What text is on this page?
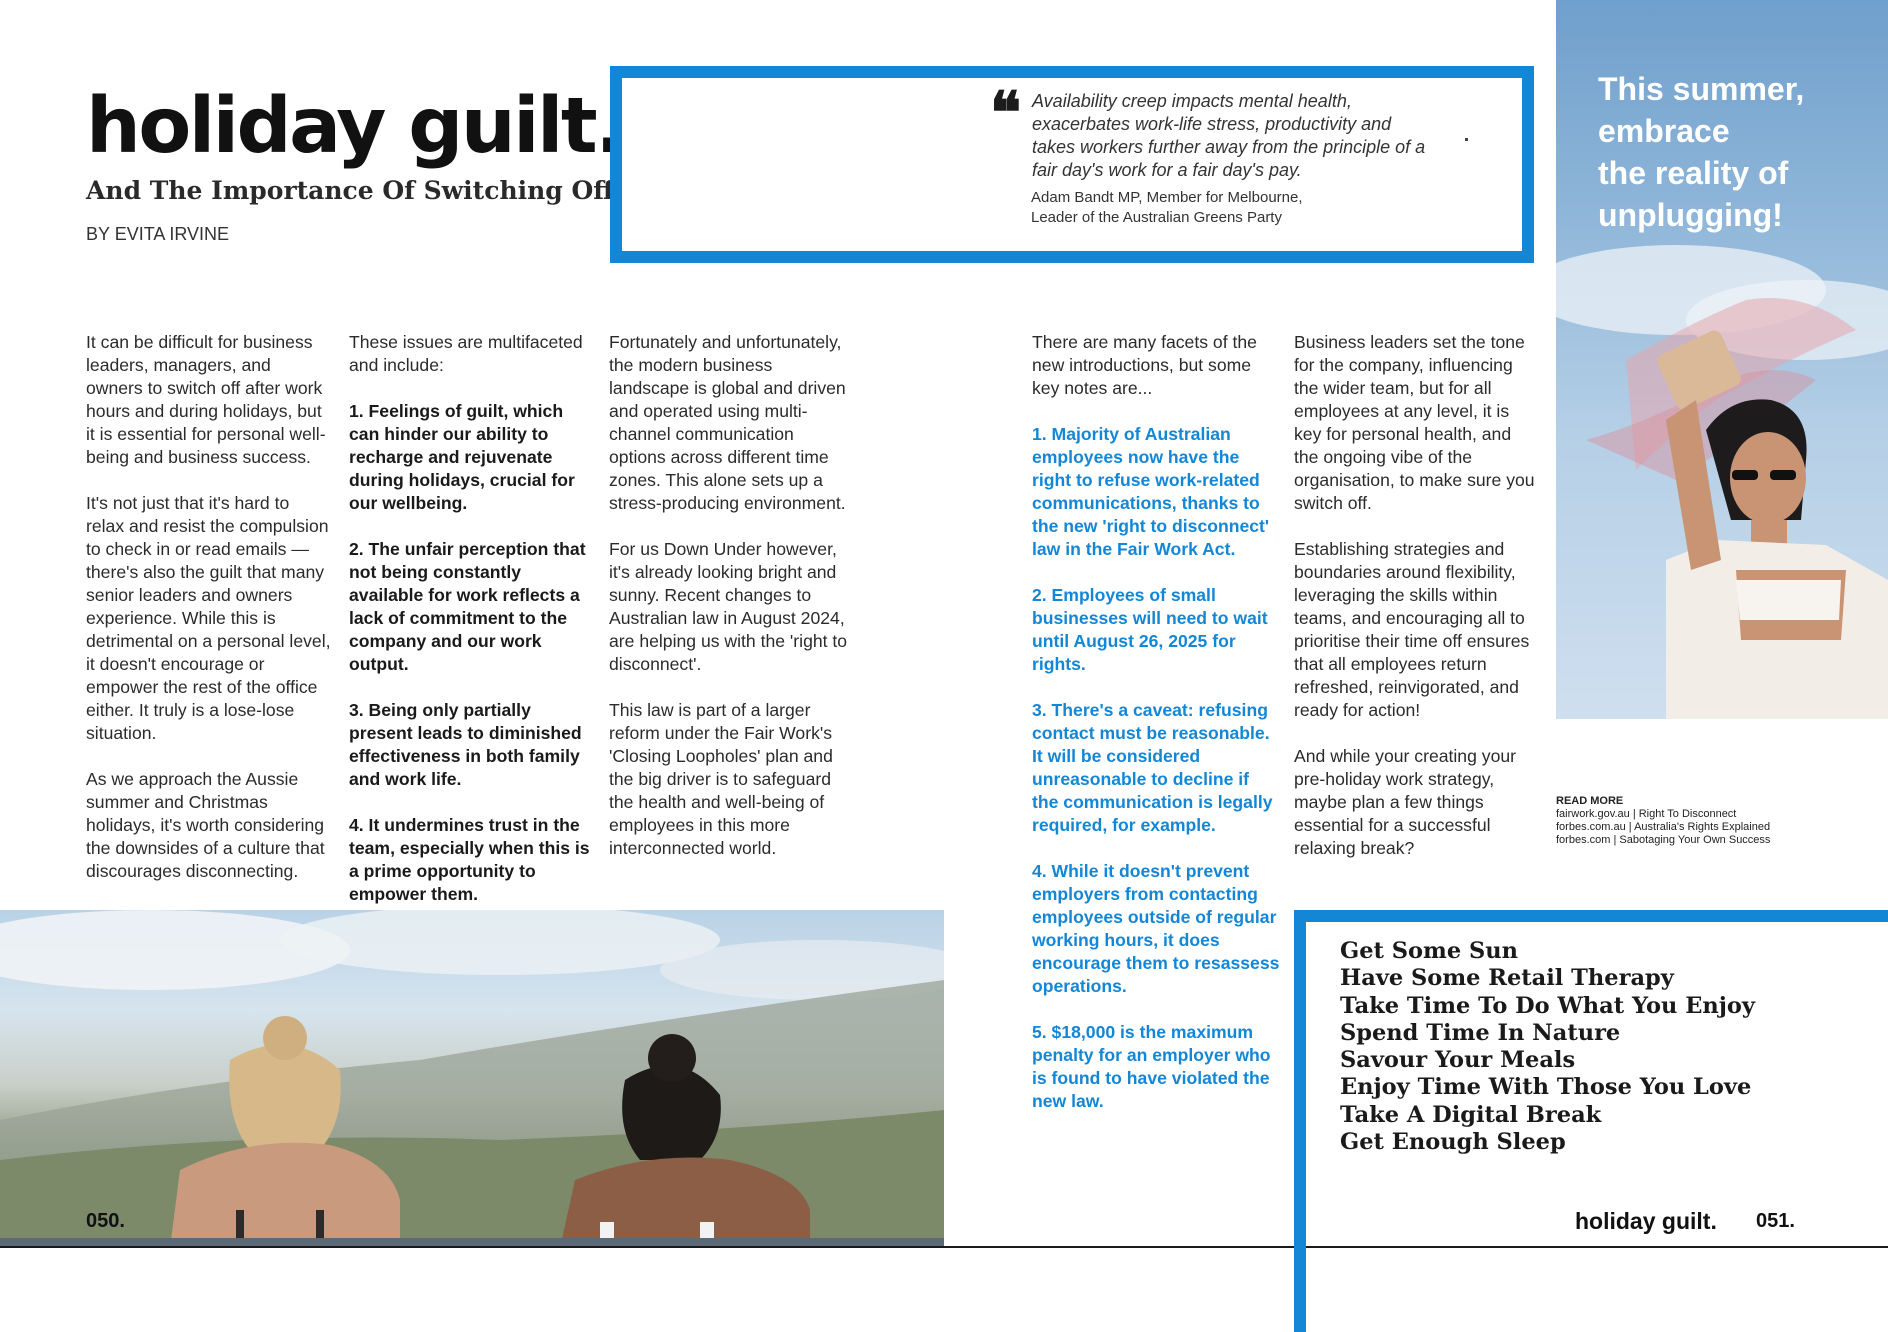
holiday guilt.
And The Importance Of Switching Off
BY EVITA IRVINE
❝ Availability creep impacts mental health, exacerbates work-life stress, productivity and takes workers further away from the principle of a fair day's work for a fair day's pay.
Adam Bandt MP, Member for Melbourne,
Leader of the Australian Greens Party

It can be difficult for business leaders, managers, and owners to switch off after work hours and during holidays, but it is essential for personal well-being and business success.

It's not just that it's hard to relax and resist the compulsion to check in or read emails — there's also the guilt that many senior leaders and owners experience. While this is detrimental on a personal level, it doesn't encourage or empower the rest of the office either. It truly is a lose-lose situation.

As we approach the Aussie summer and Christmas holidays, it's worth considering the downsides of a culture that discourages disconnecting.

These issues are multifaceted and include:

1. Feelings of guilt, which can hinder our ability to recharge and rejuvenate during holidays, crucial for our wellbeing.

2. The unfair perception that not being constantly available for work reflects a lack of commitment to the company and our work output.

3. Being only partially present leads to diminished effectiveness in both family and work life.

4. It undermines trust in the team, especially when this is a prime opportunity to empower them.

Fortunately and unfortunately, the modern business landscape is global and driven and operated using multi-channel communication options across different time zones. This alone sets up a stress-producing environment.

For us Down Under however, it's already looking bright and sunny. Recent changes to Australian law in August 2024, are helping us with the 'right to disconnect'.

This law is part of a larger reform under the Fair Work's 'Closing Loopholes' plan and the big driver is to safeguard the health and well-being of employees in this more interconnected world.

There are many facets of the new introductions, but some key notes are...

1. Majority of Australian employees now have the right to refuse work-related communications, thanks to the new 'right to disconnect' law in the Fair Work Act.

2. Employees of small businesses will need to wait until August 26, 2025 for rights.

3. There's a caveat: refusing contact must be reasonable. It will be considered unreasonable to decline if the communication is legally required, for example.

4. While it doesn't prevent employers from contacting employees outside of regular working hours, it does encourage them to resassess operations.

5. $18,000 is the maximum penalty for an employer who is found to have violated the new law.

Business leaders set the tone for the company, influencing the wider team, but for all employees at any level, it is key for personal health, and the ongoing vibe of the organisation, to make sure you switch off.

Establishing strategies and boundaries around flexibility, leveraging the skills within teams, and encouraging all to prioritise their time off ensures that all employees return refreshed, reinvigorated, and ready for action!

And while your creating your pre-holiday work strategy, maybe plan a few things essential for a successful relaxing break?

This summer,
embrace
the reality of
unplugging!
READ MORE
fairwork.gov.au | Right To Disconnect
forbes.com.au | Australia's Rights Explained
forbes.com | Sabotaging Your Own Success
050.
Get Some Sun
Have Some Retail Therapy
Take Time To Do What You Enjoy
Spend Time In Nature
Savour Your Meals
Enjoy Time With Those You Love
Take A Digital Break
Get Enough Sleep
holiday guilt. 051.
